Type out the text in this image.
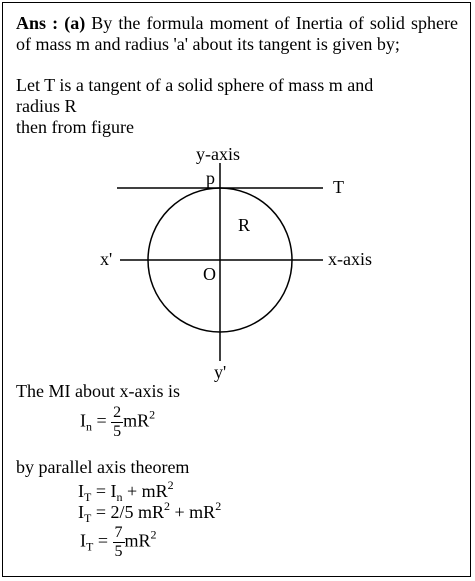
Ans : (a) By the formula moment of Inertia of solid sphere of mass m and radius 'a' about its tangent is given by;
Let T is a tangent of a solid sphere of mass m and
radius R
then from figure
y-axis
p	T
R
x'	x-axis
O
y'
The MI about x-axis is
$I_n = \frac{2}{5} mR^2$
by parallel axis theorem
$I_T = I_n + mR^2$
$I_T = 2/5$ $mR^2 + mR^2$
$I_T = \frac{7}{5} mR^2$
